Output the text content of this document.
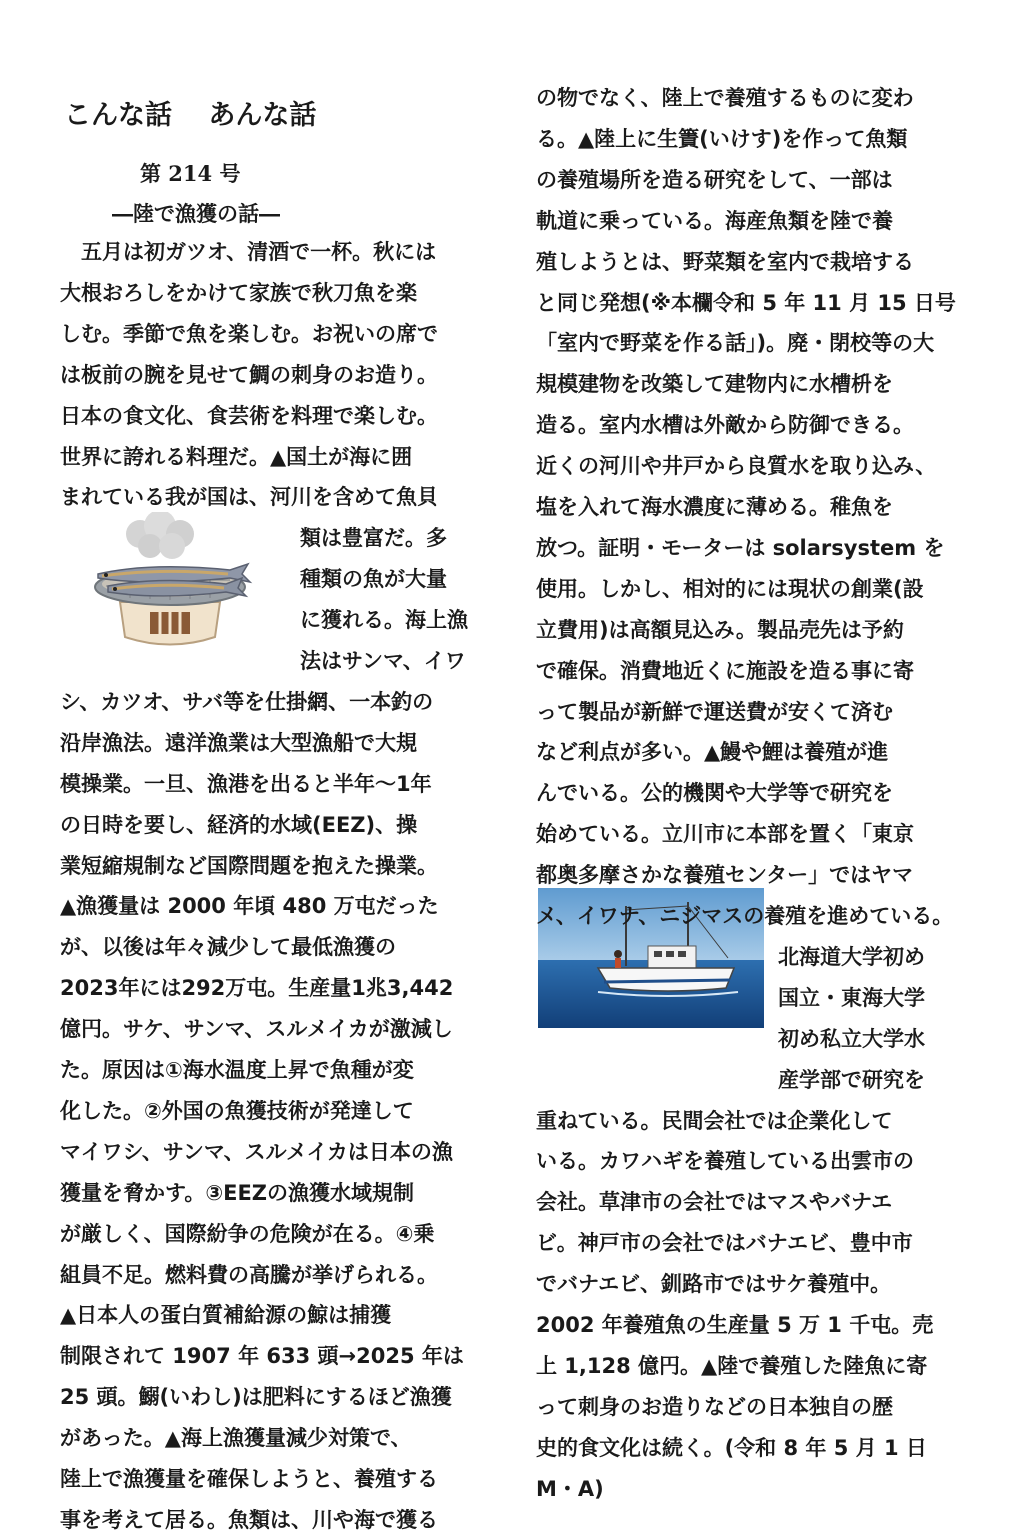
こんな話　 あんな話
第 214 号
―陸で漁獲の話―
　五月は初ガツオ、清酒で一杯。秋には
大根おろしをかけて家族で秋刀魚を楽
しむ。季節で魚を楽しむ。お祝いの席で
は板前の腕を見せて鯛の刺身のお造り。
日本の食文化、食芸術を料理で楽しむ。
世界に誇れる料理だ。▲国土が海に囲
まれている我が国は、河川を含めて魚貝
類は豊富だ。多
種類の魚が大量
に獲れる。海上漁
法はサンマ、イワ
シ、カツオ、サバ等を仕掛網、一本釣の
沿岸漁法。遠洋漁業は大型漁船で大規
模操業。一旦、漁港を出ると半年～1年
の日時を要し、経済的水域(EEZ)、操
業短縮規制など国際問題を抱えた操業。
▲漁獲量は 2000 年頃 480 万屯だった
が、以後は年々減少して最低漁獲の
2023年には292万屯。生産量1兆3,442
億円。サケ、サンマ、スルメイカが激減し
た。原因は①海水温度上昇で魚種が変
化した。②外国の魚獲技術が発達して
マイワシ、サンマ、スルメイカは日本の漁
獲量を脅かす。③EEZの漁獲水域規制
が厳しく、国際紛争の危険が在る。④乗
組員不足。燃料費の高騰が挙げられる。
▲日本人の蛋白質補給源の鯨は捕獲
制限されて 1907 年 633 頭→2025 年は
25 頭。鰯(いわし)は肥料にするほど漁獲
があった。▲海上漁獲量減少対策で、
陸上で漁獲量を確保しようと、養殖する
事を考えて居る。魚類は、川や海で獲る
の物でなく、陸上で養殖するものに変わ
る。▲陸上に生簀(いけす)を作って魚類
の養殖場所を造る研究をして、一部は
軌道に乗っている。海産魚類を陸で養
殖しようとは、野菜類を室内で栽培する
と同じ発想(※本欄令和 5 年 11 月 15 日号
「室内で野菜を作る話」)。廃・閉校等の大
規模建物を改築して建物内に水槽枡を
造る。室内水槽は外敵から防御できる。
近くの河川や井戸から良質水を取り込み、
塩を入れて海水濃度に薄める。稚魚を
放つ。証明・モーターは solarsystem を
使用。しかし、相対的には現状の創業(設
立費用)は高額見込み。製品売先は予約
で確保。消費地近くに施設を造る事に寄
って製品が新鮮で運送費が安くて済む
など利点が多い。▲鰻や鯉は養殖が進
んでいる。公的機関や大学等で研究を
始めている。立川市に本部を置く「東京
都奥多摩さかな養殖センター」ではヤマ
メ、イワナ、ニジマスの養殖を進めている。
北海道大学初め
国立・東海大学
初め私立大学水
産学部で研究を
重ねている。民間会社では企業化して
いる。カワハギを養殖している出雲市の
会社。草津市の会社ではマスやバナエ
ビ。神戸市の会社ではバナエビ、豊中市
でバナエビ、釧路市ではサケ養殖中。
2002 年養殖魚の生産量 5 万 1 千屯。売
上 1,128 億円。▲陸で養殖した陸魚に寄
って刺身のお造りなどの日本独自の歴
史的食文化は続く。(令和 8 年 5 月 1 日
M・A)
